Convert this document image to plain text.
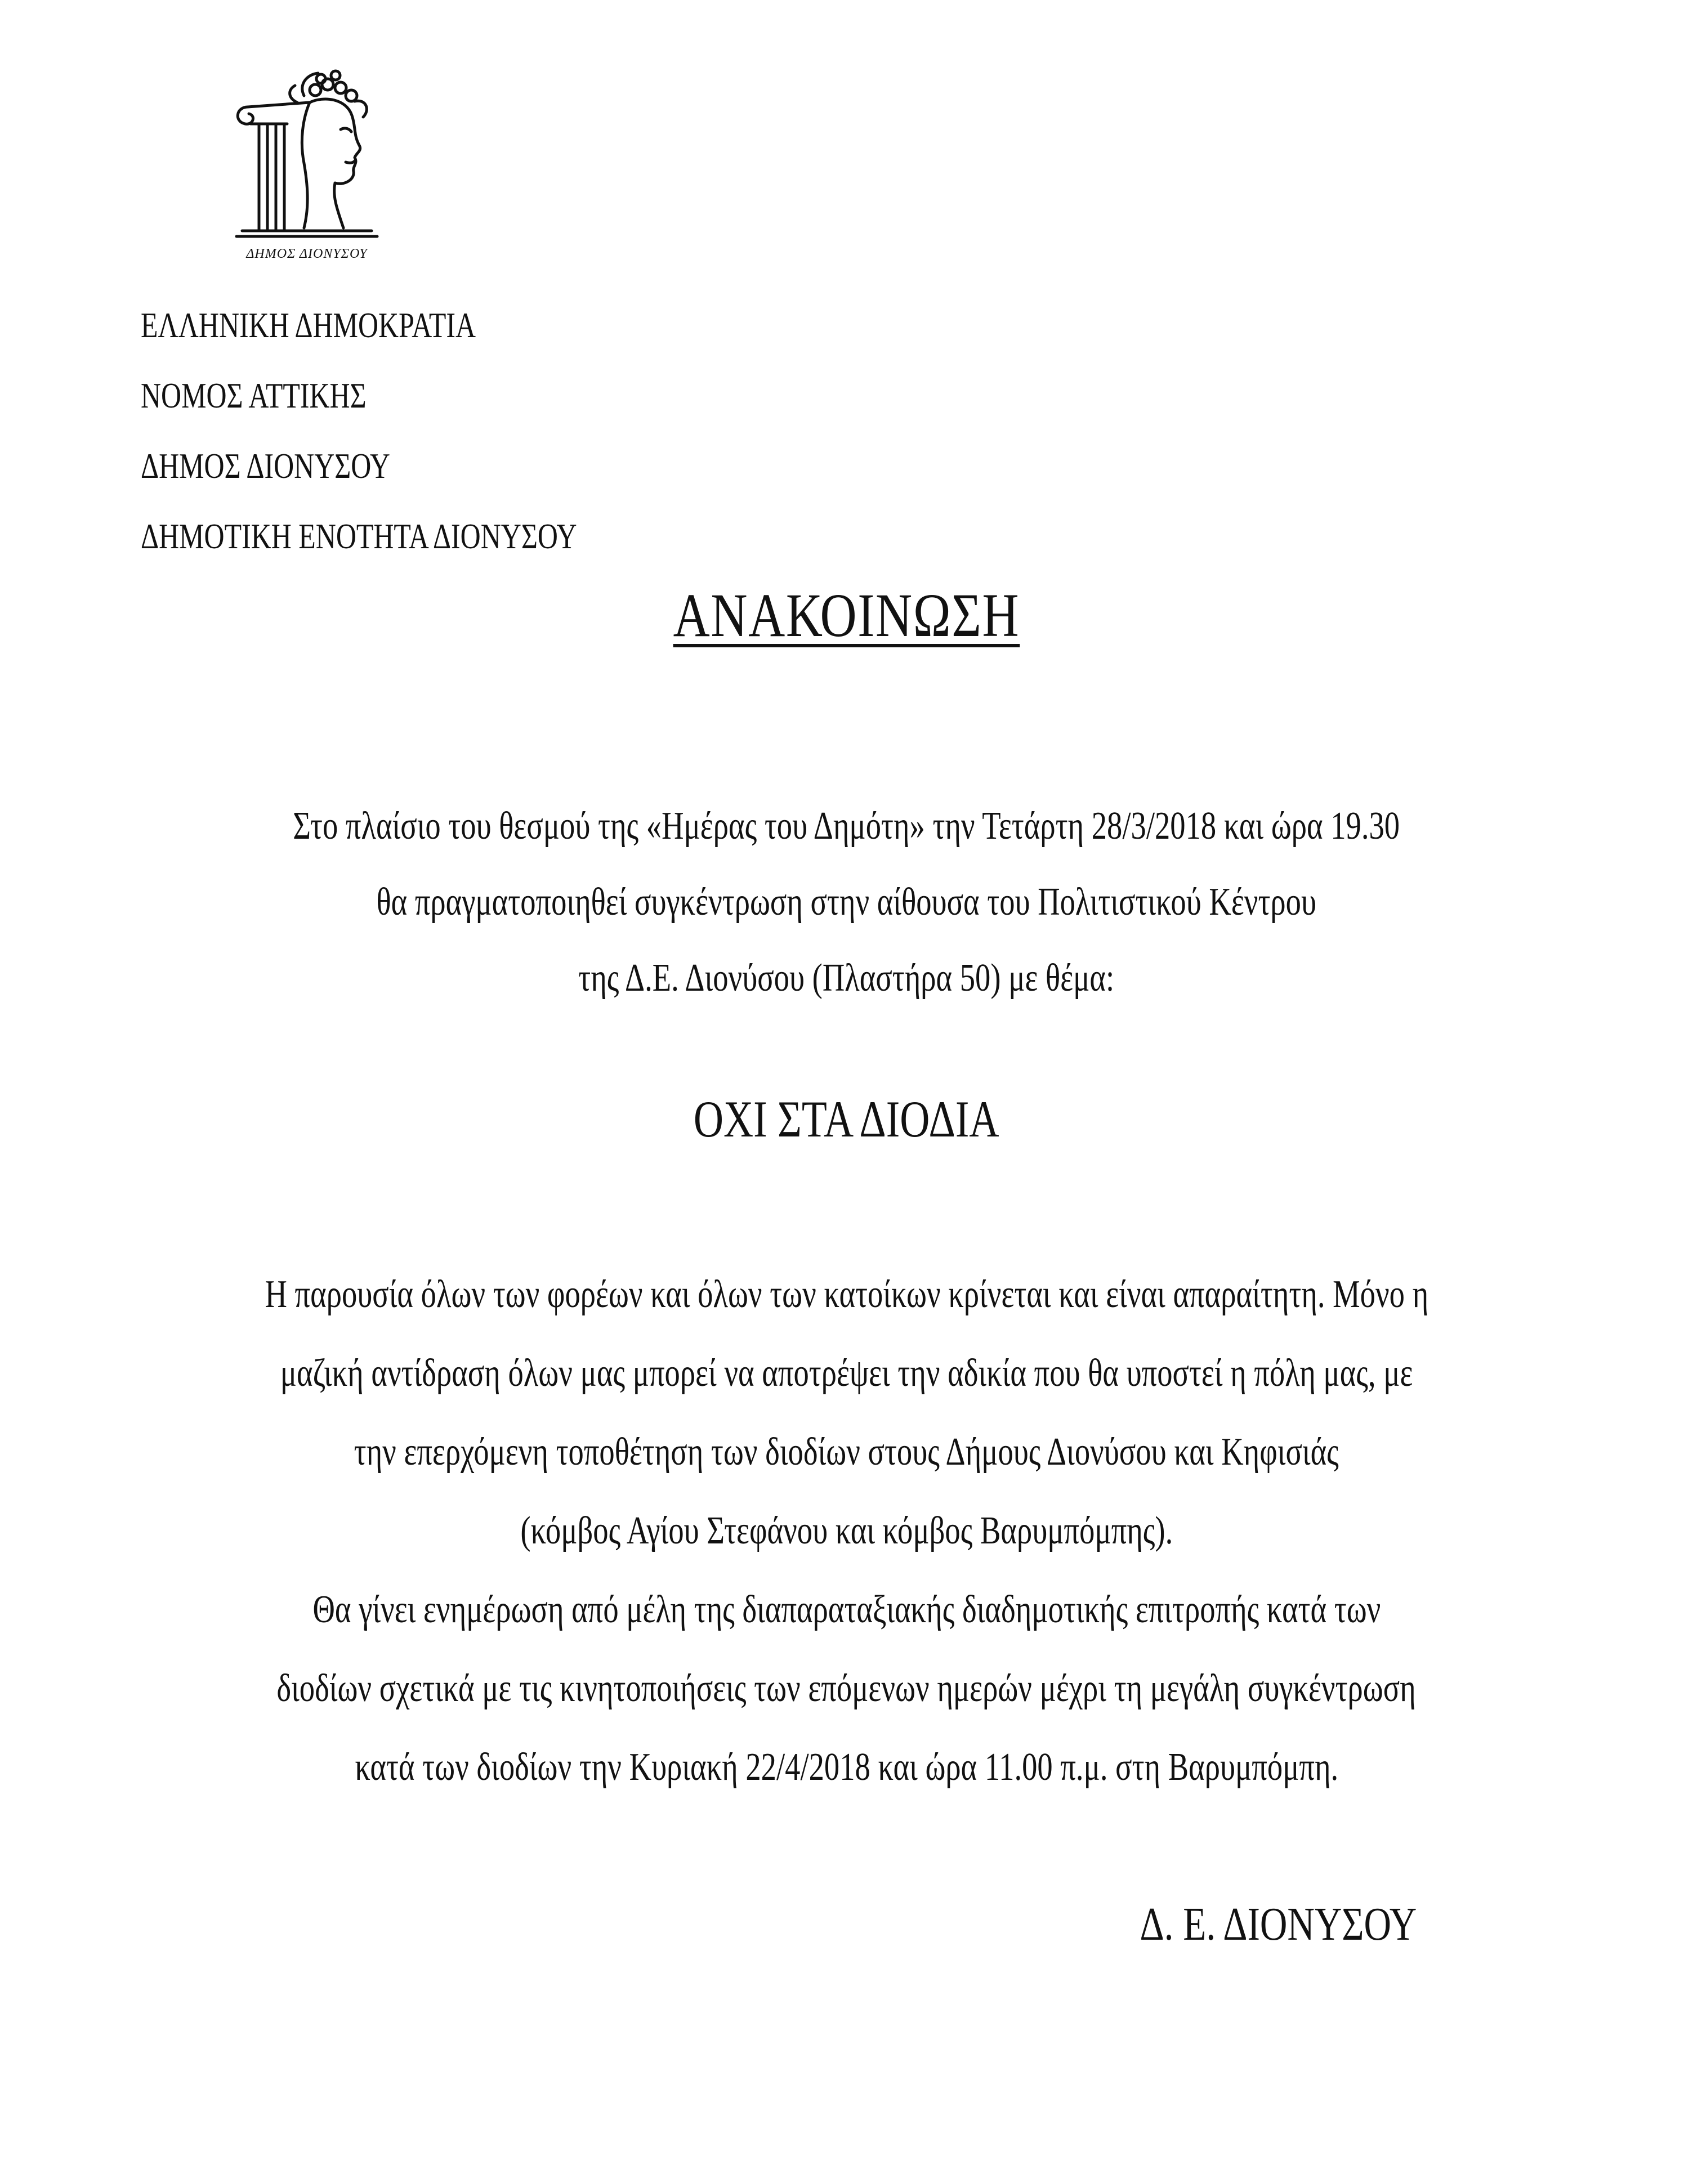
ΔΗΜΟΣ ΔΙΟΝΥΣΟΥ
ΕΛΛΗΝΙΚΗ ΔΗΜΟΚΡΑΤΙΑ
ΝΟΜΟΣ ΑΤΤΙΚΗΣ
ΔΗΜΟΣ ΔΙΟΝΥΣΟΥ
ΔΗΜΟΤΙΚΗ ΕΝΟΤΗΤΑ ΔΙΟΝΥΣΟΥ
ΑΝΑΚΟΙΝΩΣΗ
Στο πλαίσιο του θεσμού της «Ημέρας του Δημότη» την Τετάρτη 28/3/2018 και ώρα 19.30
θα πραγματοποιηθεί συγκέντρωση στην αίθουσα του Πολιτιστικού Κέντρου
της Δ.Ε. Διονύσου (Πλαστήρα 50) με θέμα:
ΟΧΙ ΣΤΑ ΔΙΟΔΙΑ
Η παρουσία όλων των φορέων και όλων των κατοίκων κρίνεται και είναι απαραίτητη. Μόνο η
μαζική αντίδραση όλων μας μπορεί να αποτρέψει την αδικία που θα υποστεί η πόλη μας, με
την επερχόμενη τοποθέτηση των διοδίων στους Δήμους Διονύσου και Κηφισιάς
(κόμβος Αγίου Στεφάνου και κόμβος Βαρυμπόμπης).
Θα γίνει ενημέρωση από μέλη της διαπαραταξιακής διαδημοτικής επιτροπής κατά των
διοδίων σχετικά με τις κινητοποιήσεις των επόμενων ημερών μέχρι τη μεγάλη συγκέντρωση
κατά των διοδίων την Κυριακή 22/4/2018 και ώρα 11.00 π.μ. στη Βαρυμπόμπη.
Δ. Ε. ΔΙΟΝΥΣΟΥ
